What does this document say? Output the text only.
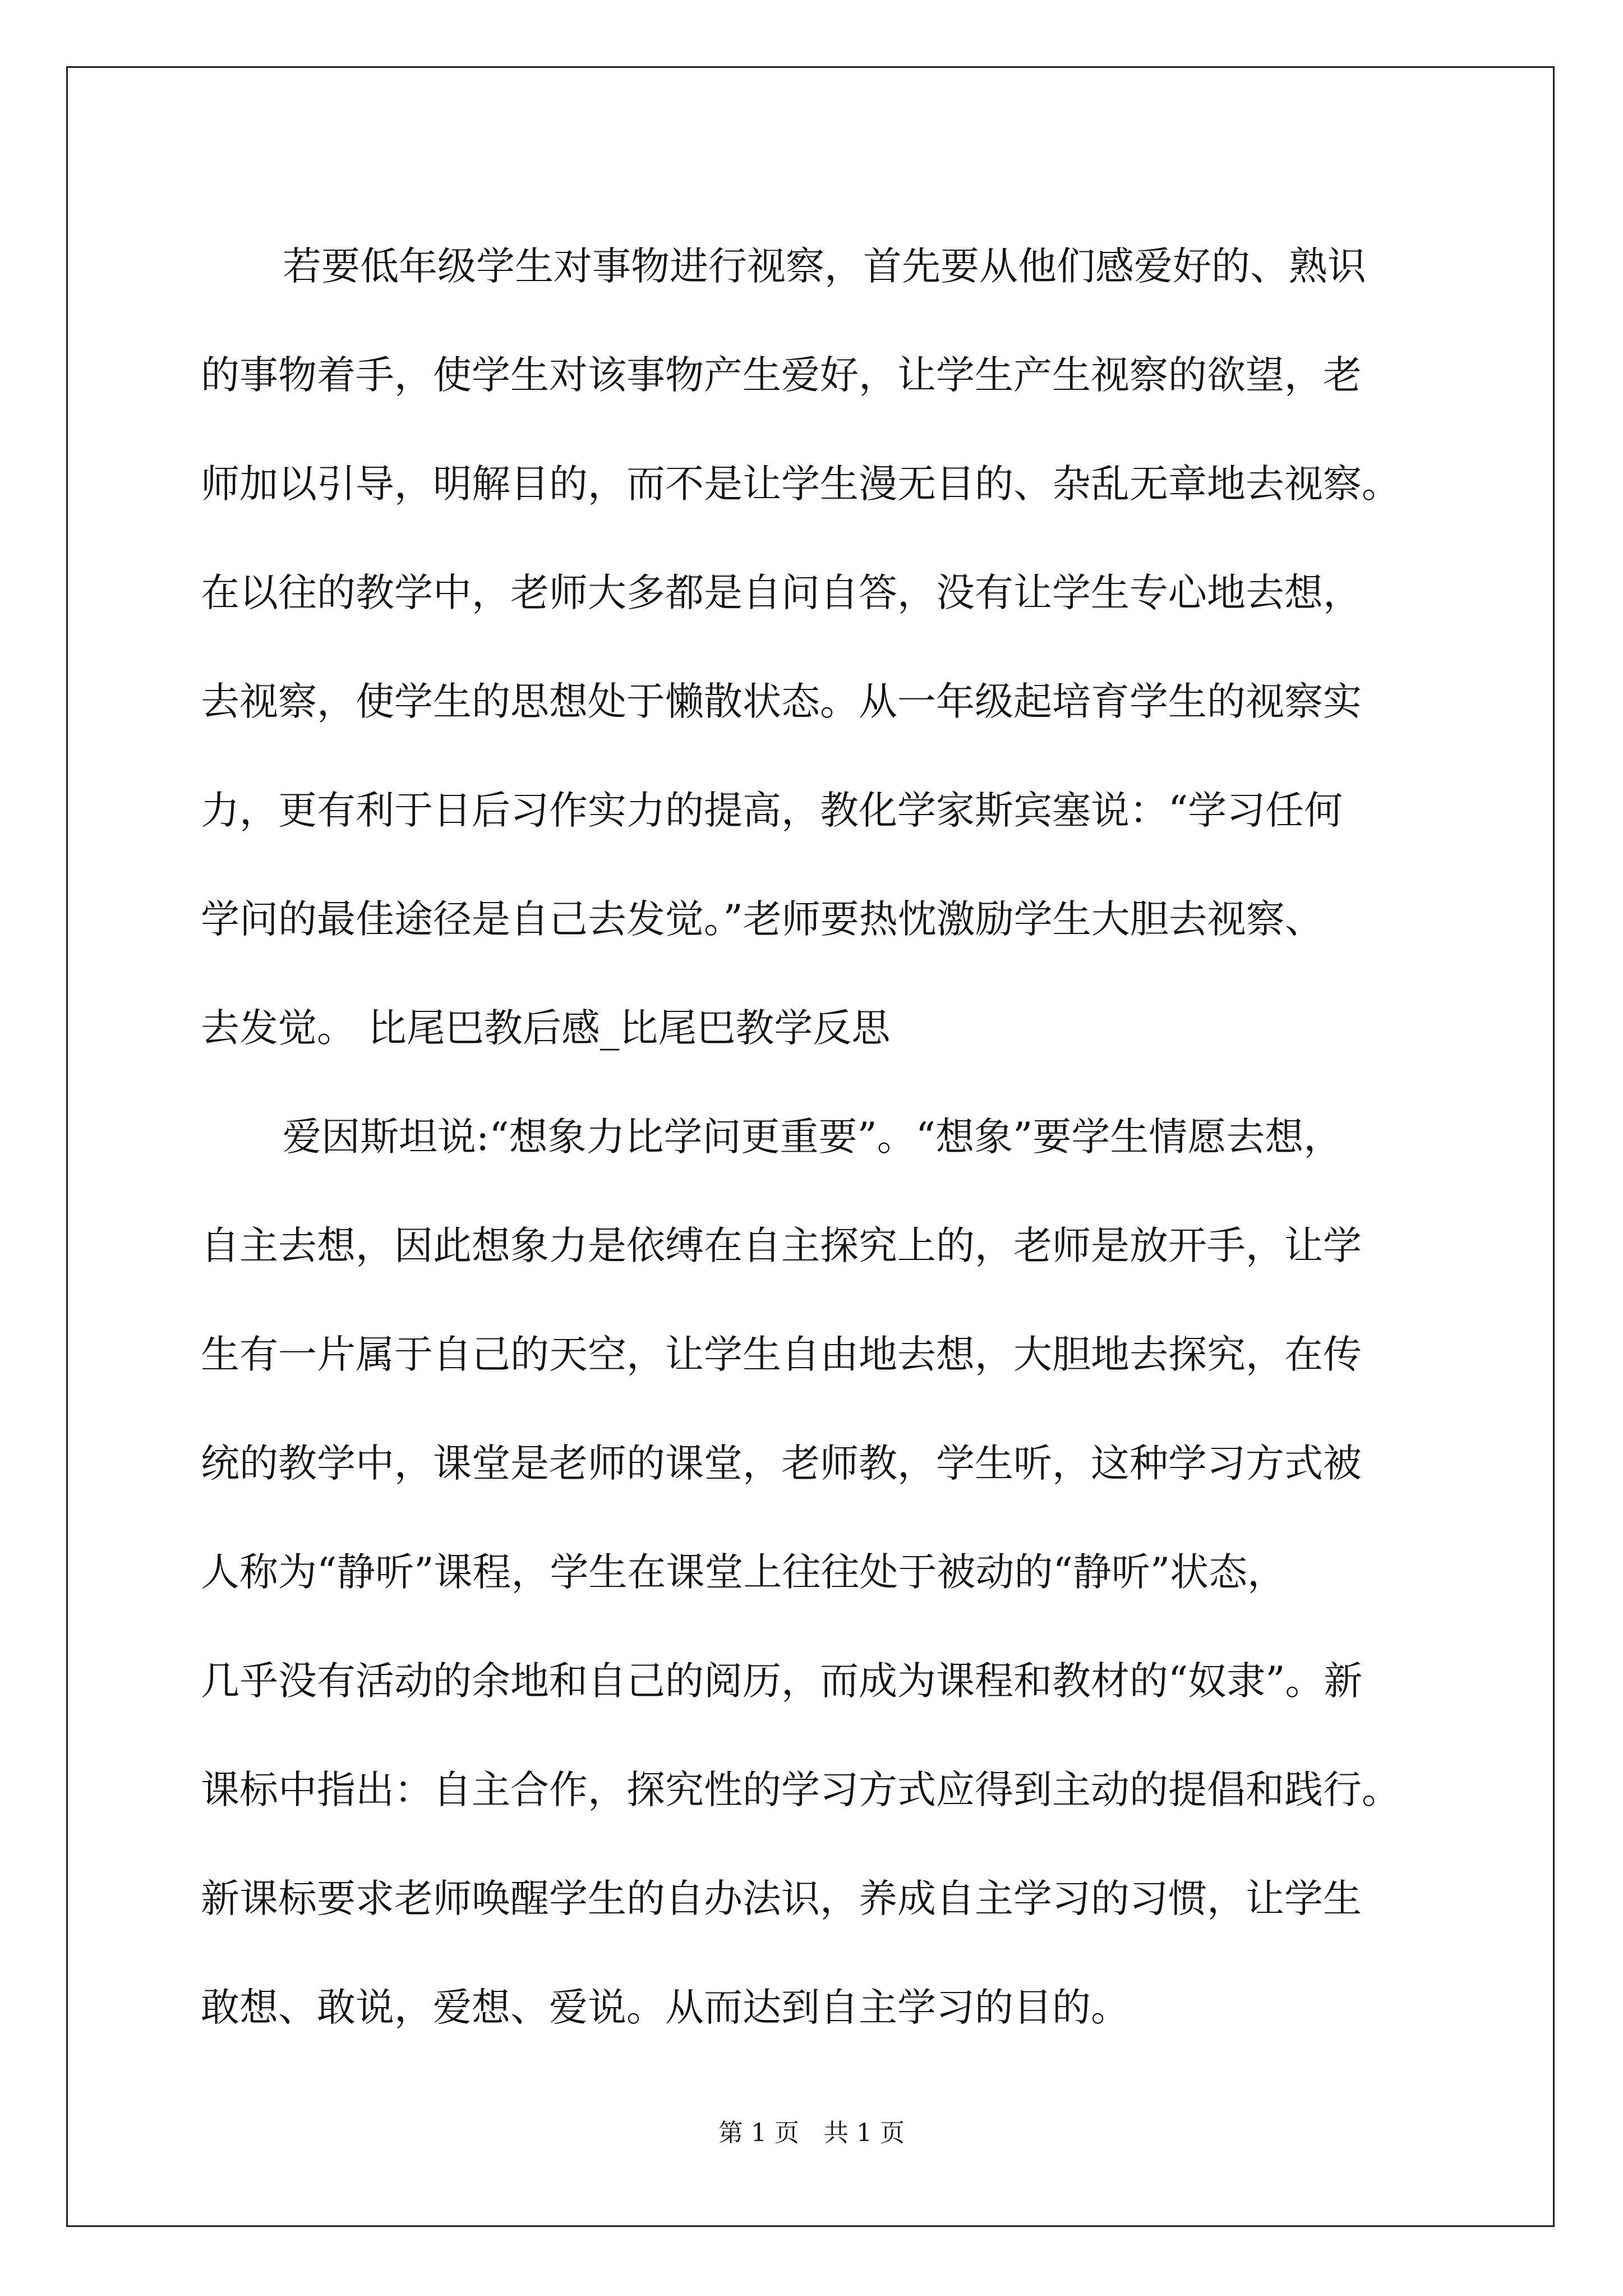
若要低年级学生对事物进行视察，首先要从他们感爱好的、熟识
的事物着手，使学生对该事物产生爱好，让学生产生视察的欲望，老
师加以引导，明解目的，而不是让学生漫无目的、杂乱无章地去视察。
在以往的教学中，老师大多都是自问自答，没有让学生专心地去想，
去视察，使学生的思想处于懒散状态。从一年级起培育学生的视察实
力，更有利于日后习作实力的提高，教化学家斯宾塞说：“学习任何
学问的最佳途径是自己去发觉。”老师要热忱激励学生大胆去视察、
去发觉。 比尾巴教后感_比尾巴教学反思
爱因斯坦说:“想象力比学问更重要”。“想象”要学生情愿去想，
自主去想，因此想象力是依缚在自主探究上的，老师是放开手，让学
生有一片属于自己的天空，让学生自由地去想，大胆地去探究，在传
统的教学中，课堂是老师的课堂，老师教，学生听，这种学习方式被
人称为“静听”课程，学生在课堂上往往处于被动的“静听”状态，
几乎没有活动的余地和自己的阅历，而成为课程和教材的“奴隶”。新
课标中指出：自主合作，探究性的学习方式应得到主动的提倡和践行。
新课标要求老师唤醒学生的自办法识，养成自主学习的习惯，让学生
敢想、敢说，爱想、爱说。从而达到自主学习的目的。
第 1 页　共 1 页
